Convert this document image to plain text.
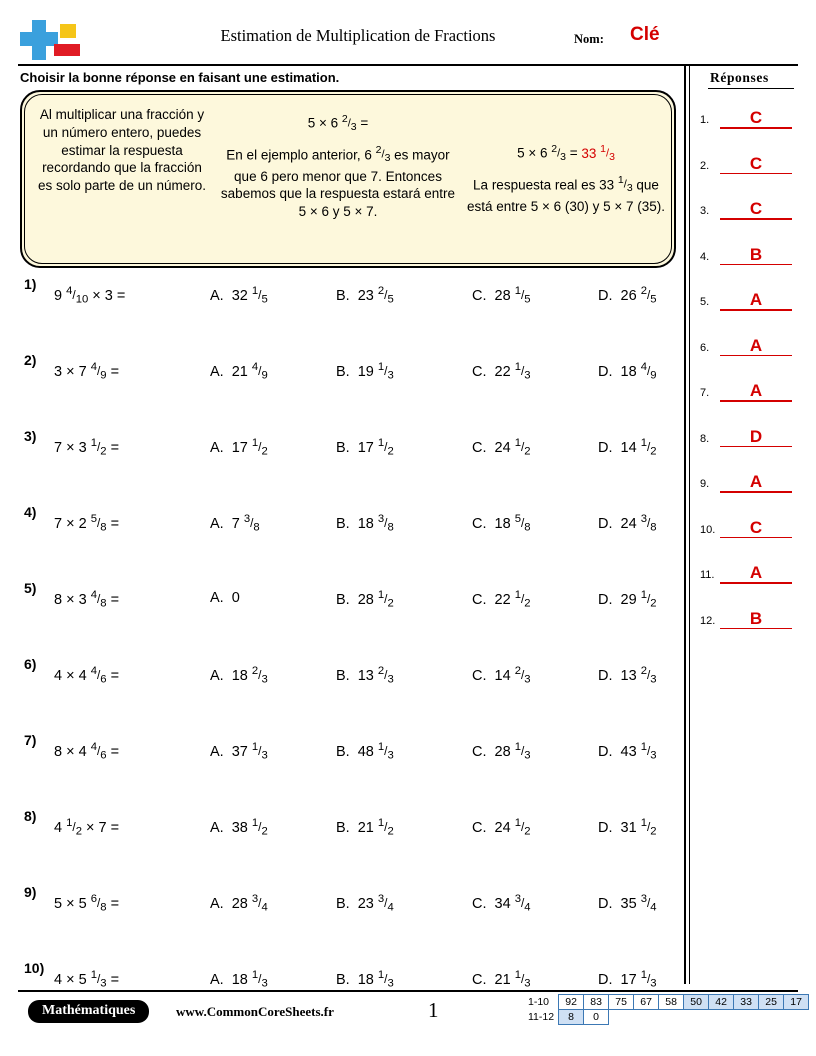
Estimation de Multiplication de Fractions	Nom: Clé
Choisir la bonne réponse en faisant une estimation.
Al multiplicar una fracción y un número entero, puedes estimar la respuesta recordando que la fracción es solo parte de un número.
5 × 6 2/3 =
En el ejemplo anterior, 6 2/3 es mayor que 6 pero menor que 7. Entonces sabemos que la respuesta estará entre 5 × 6 y 5 × 7.
5 × 6 2/3 = 33 1/3
La respuesta real es 33 1/3 que está entre 5 × 6 (30) y 5 × 7 (35).
1)
9 4/10 × 3 =	A. 32 1/5	B. 23 2/5	C. 28 1/5	D. 26 2/5
2)
3 × 7 4/9 =	A. 21 4/9	B. 19 1/3	C. 22 1/3	D. 18 4/9
3)
7 × 3 1/2 =	A. 17 1/2	B. 17 1/2	C. 24 1/2	D. 14 1/2
4)
7 × 2 5/8 =	A. 7 3/8	B. 18 3/8	C. 18 5/8	D. 24 3/8
5)
8 × 3 4/8 =	A. 0	B. 28 1/2	C. 22 1/2	D. 29 1/2
6)
4 × 4 4/6 =	A. 18 2/3	B. 13 2/3	C. 14 2/3	D. 13 2/3
7)
8 × 4 4/6 =	A. 37 1/3	B. 48 1/3	C. 28 1/3	D. 43 1/3
8)
4 1/2 × 7 =	A. 38 1/2	B. 21 1/2	C. 24 1/2	D. 31 1/2
9)
5 × 5 6/8 =	A. 28 3/4	B. 23 3/4	C. 34 3/4	D. 35 3/4
10)
4 × 5 1/3 =	A. 18 1/3	B. 18 1/3	C. 21 1/3	D. 17 1/3
Réponses
1.	C
2.	C
3.	C
4.	B
5.	A
6.	A
7.	A
8.	D
9.	A
10.	C
11.	A
12.	B
Mathématiques	www.CommonCoreSheets.fr	1	1-10	92	83	75	67	58	50	42	33	25	17
11-12	8	0								
